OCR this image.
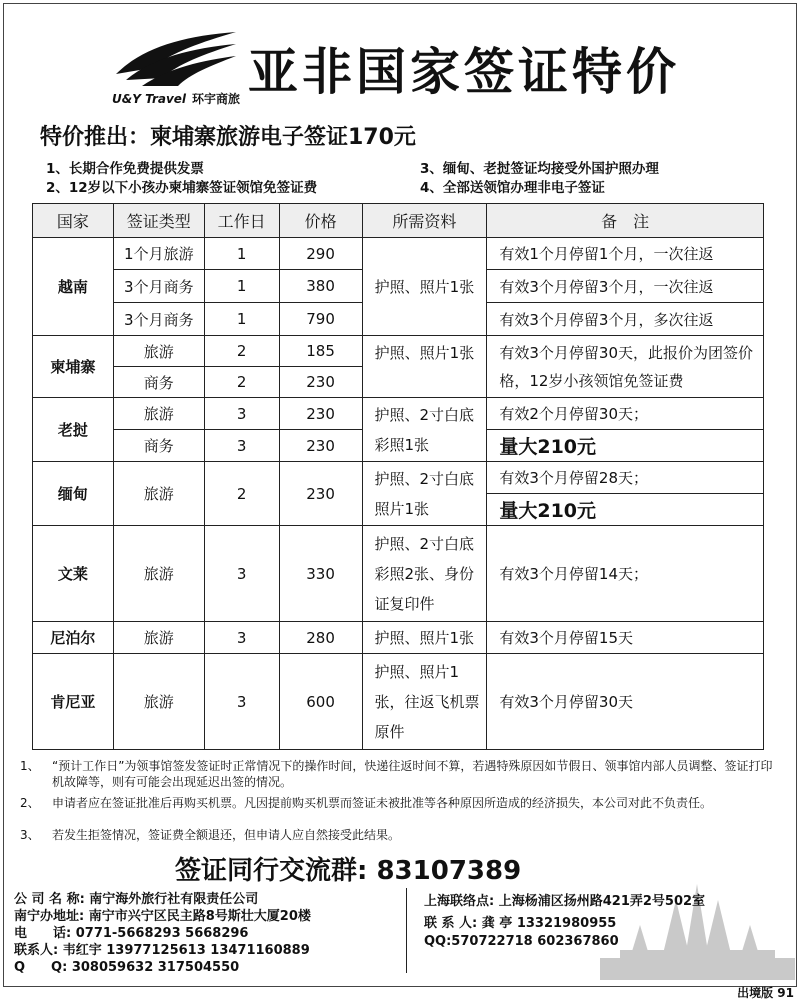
U&Y Travel 环宇商旅 亚非国家签证特价
特价推出：柬埔寨旅游电子签证170元
1、长期合作免费提供发票	3、缅甸、老挝签证均接受外国护照办理
2、12岁以下小孩办柬埔寨签证领馆免签证费	4、全部送领馆办理非电子签证
国家	签证类型	工作日	价格	所需资料	备　注
越南	1个月旅游	1	290	护照、照片1张	有效1个月停留1个月，一次往返
	3个月商务	1	380		有效3个月停留3个月，一次往返
	3个月商务	1	790		有效3个月停留3个月，多次往返
柬埔寨	旅游	2	185	护照、照片1张	有效3个月停留30天，此报价为团签价格，12岁小孩领馆免签证费
	商务	2	230		
老挝	旅游	3	230	护照、2寸白底彩照1张	有效2个月停留30天；
	商务	3	230		量大210元
缅甸	旅游	2	230	护照、2寸白底照片1张	有效3个月停留28天；
					量大210元
文莱	旅游	3	330	护照、2寸白底彩照2张、身份证复印件	有效3个月停留14天；
尼泊尔	旅游	3	280	护照、照片1张	有效3个月停留15天
肯尼亚	旅游	3	600	护照、照片1张，往返飞机票原件	有效3个月停留30天
1、 “预计工作日”为领事馆签发签证时正常情况下的操作时间，快递往返时间不算，若遇特殊原因如节假日、领事馆内部人员调整、签证打印机故障等，则有可能会出现延迟出签的情况。
2、 申请者应在签证批准后再购买机票。凡因提前购买机票而签证未被批准等各种原因所造成的经济损失，本公司对此不负责任。
3、 若发生拒签情况，签证费全额退还，但申请人应自然接受此结果。
签证同行交流群: 83107389
公 司 名 称: 南宁海外旅行社有限责任公司
南宁办地址: 南宁市兴宁区民主路8号斯壮大厦20楼
电　　话: 0771-5668293 5668296
联系人: 韦红宇 13977125613 13471160889
Q　　Q: 308059632 317504550
上海联络点: 上海杨浦区扬州路421弄2号502室
联 系 人: 龚 亭 13321980955
QQ:570722718 602367860
出境版 91
